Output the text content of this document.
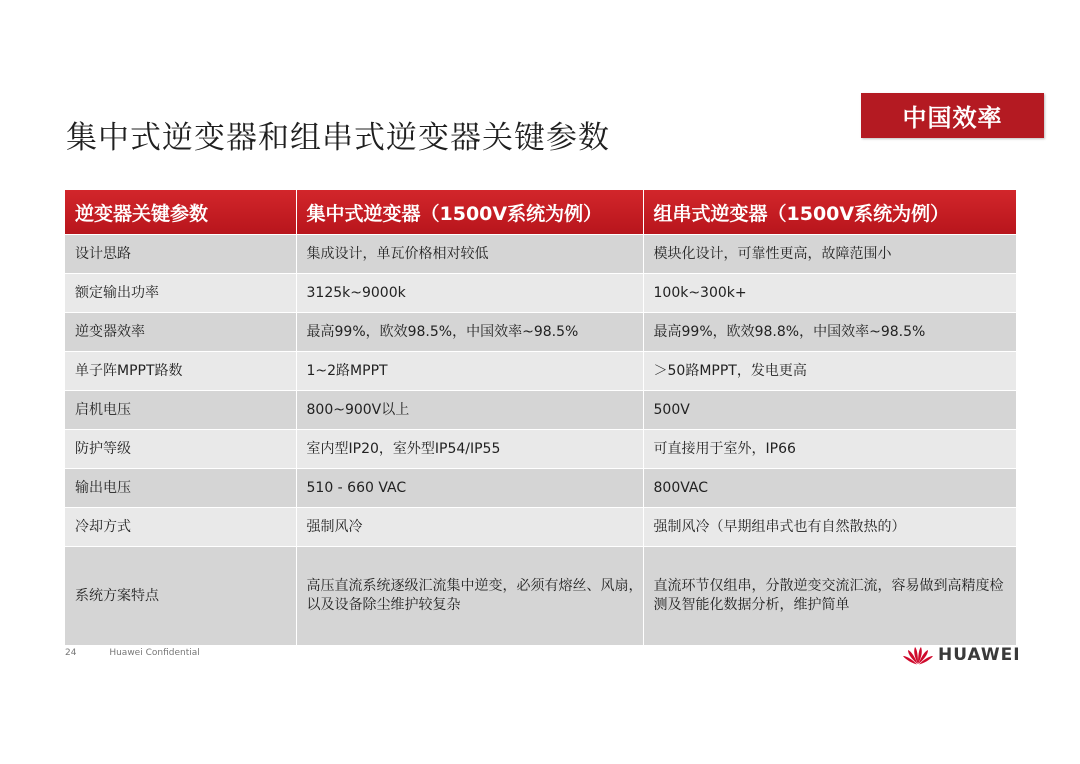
集中式逆变器和组串式逆变器关键参数
中国效率
逆变器关键参数	集中式逆变器（1500V系统为例）	组串式逆变器（1500V系统为例）
设计思路	集成设计，单瓦价格相对较低	模块化设计，可靠性更高，故障范围小
额定输出功率	3125k~9000k	100k~300k+
逆变器效率	最高99%，欧效98.5%，中国效率~98.5%	最高99%，欧效98.8%，中国效率~98.5%
单子阵MPPT路数	1~2路MPPT	＞50路MPPT，发电更高
启机电压	800~900V以上	500V
防护等级	室内型IP20，室外型IP54/IP55	可直接用于室外，IP66
输出电压	510 - 660 VAC	800VAC
冷却方式	强制风冷	强制风冷（早期组串式也有自然散热的）
系统方案特点	高压直流系统逐级汇流集中逆变，必须有熔丝、风扇，以及设备除尘维护较复杂	直流环节仅组串，分散逆变交流汇流，容易做到高精度检测及智能化数据分析，维护简单
24	Huawei Confidential	HUAWEI
